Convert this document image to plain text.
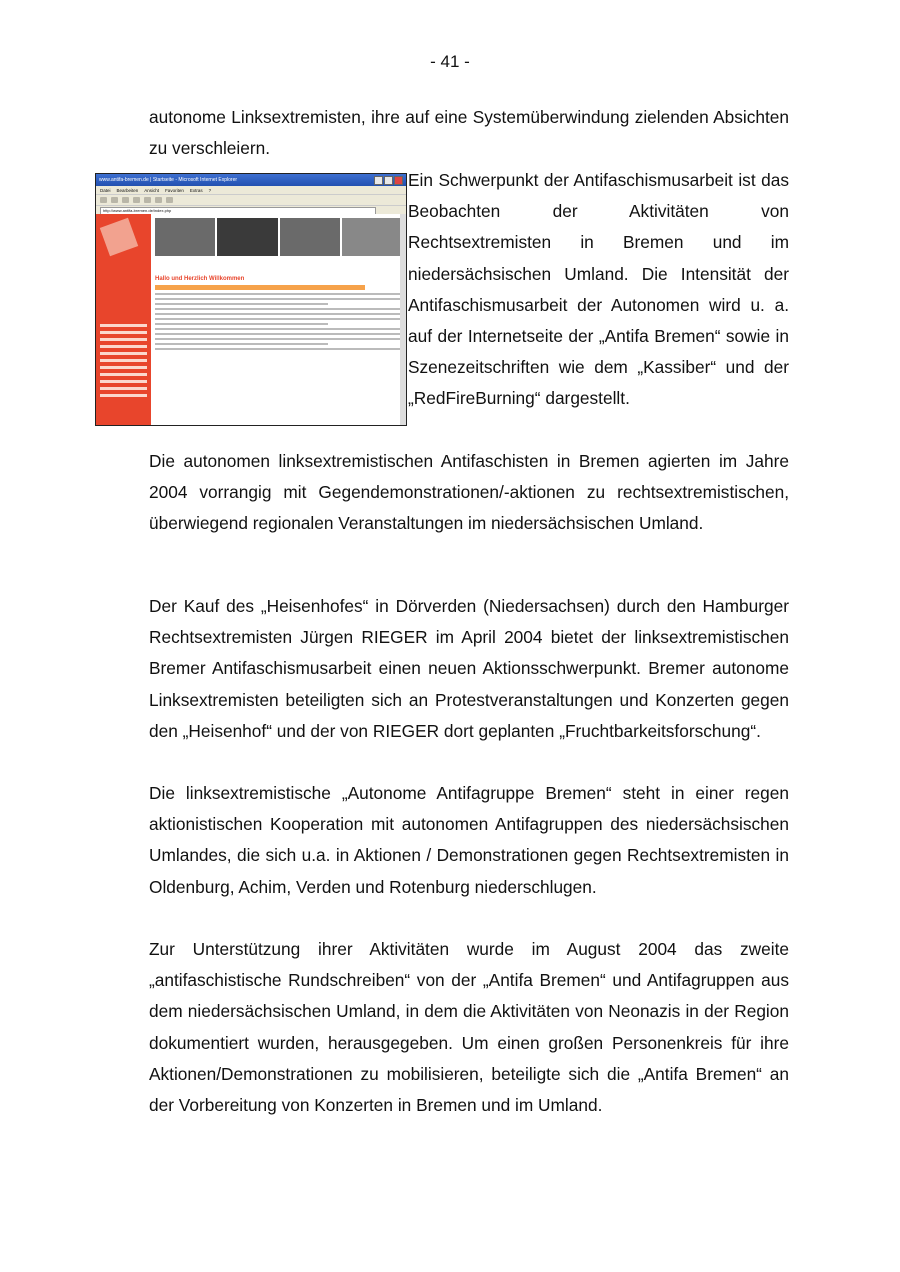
- 41 -

autonome Linksextremisten, ihre auf eine Systemüberwindung zielenden Absichten zu verschleiern.

www.antifa-bremen.de | Startseite - Microsoft Internet Explorer
Datei Bearbeiten Ansicht Favoriten Extras ?
http://www.antifa-bremen.de/index.php
Hallo und Herzlich Willkommen

Ein Schwerpunkt der Antifaschismusarbeit ist das Beobachten der Aktivitäten von Rechtsextremisten in Bremen und im niedersächsischen Umland. Die Intensität der Antifaschismusarbeit der Autonomen wird u. a. auf der Internetseite der „Antifa Bremen“ sowie in Szenezeitschriften wie dem „Kassiber“ und der „RedFireBurning“ dargestellt.

Die autonomen linksextremistischen Antifaschisten in Bremen agierten im Jahre 2004 vorrangig mit Gegendemonstrationen/-aktionen zu rechtsextremistischen, überwiegend regionalen Veranstaltungen im niedersächsischen Umland.

Der Kauf des „Heisenhofes“ in Dörverden (Niedersachsen) durch den Hamburger Rechtsextremisten Jürgen RIEGER im April 2004 bietet der linksextremistischen Bremer Antifaschismusarbeit einen neuen Aktionsschwerpunkt. Bremer autonome Linksextremisten beteiligten sich an Protestveranstaltungen und Konzerten gegen den „Heisenhof“ und der von RIEGER dort geplanten „Fruchtbarkeitsforschung“.

Die linksextremistische „Autonome Antifagruppe Bremen“ steht in einer regen aktionistischen Kooperation mit autonomen Antifagruppen des niedersächsischen Umlandes, die sich u.a. in Aktionen / Demonstrationen gegen Rechtsextremisten in Oldenburg, Achim, Verden und Rotenburg niederschlugen.

Zur Unterstützung ihrer Aktivitäten wurde im August 2004 das zweite „antifaschistische Rundschreiben“ von der „Antifa Bremen“ und Antifagruppen aus dem niedersächsischen Umland, in dem die Aktivitäten von Neonazis in der Region dokumentiert wurden, herausgegeben. Um einen großen Personenkreis für ihre Aktionen/Demonstrationen zu mobilisieren, beteiligte sich die „Antifa Bremen“ an der Vorbereitung von Konzerten in Bremen und im Umland.
